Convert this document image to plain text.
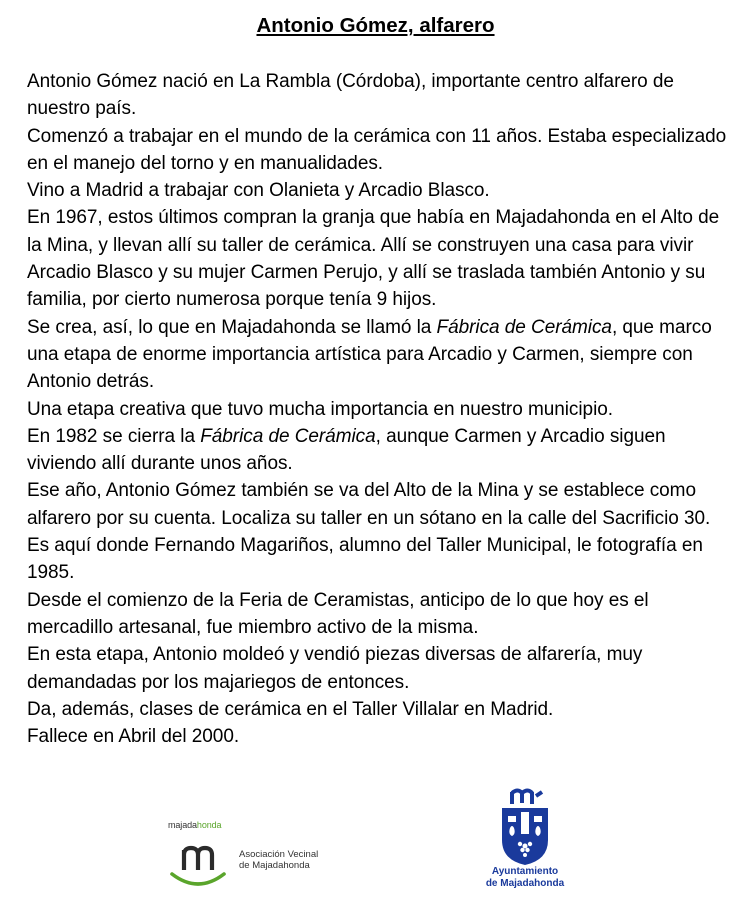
Antonio Gómez, alfarero

Antonio Gómez nació en La Rambla (Córdoba), importante centro alfarero de nuestro país.

Comenzó a trabajar en el mundo de la cerámica con 11 años. Estaba especializado en el manejo del torno y en manualidades.

Vino a Madrid a trabajar con Olanieta y Arcadio Blasco.

En 1967, estos últimos compran la granja que había en Majadahonda en el Alto de la Mina, y llevan allí su taller de cerámica. Allí se construyen una casa para vivir Arcadio Blasco y su mujer Carmen Perujo, y allí se traslada también Antonio y su familia, por cierto numerosa porque tenía 9 hijos.

Se crea, así, lo que en Majadahonda se llamó la Fábrica de Cerámica, que marco una etapa de enorme importancia artística para Arcadio y Carmen, siempre con Antonio detrás.

Una etapa creativa que tuvo mucha importancia en nuestro municipio.

En 1982 se cierra la Fábrica de Cerámica, aunque Carmen y Arcadio siguen viviendo allí durante unos años.

Ese año, Antonio Gómez también se va del Alto de la Mina y se establece como alfarero por su cuenta. Localiza su taller en un sótano en la calle del Sacrificio 30.

Es aquí donde Fernando Magariños, alumno del Taller Municipal, le fotografía en 1985.

Desde el comienzo de la Feria de Ceramistas, anticipo de lo que hoy es el mercadillo artesanal, fue miembro activo de la misma.

En esta etapa, Antonio moldeó y vendió piezas diversas de alfarería, muy demandadas por los majariegos de entonces.

Da, además, clases de cerámica en el Taller Villalar en Madrid.

Fallece en Abril del 2000.

majadahonda
Asociación Vecinal
de Majadahonda
Ayuntamiento
de Majadahonda
